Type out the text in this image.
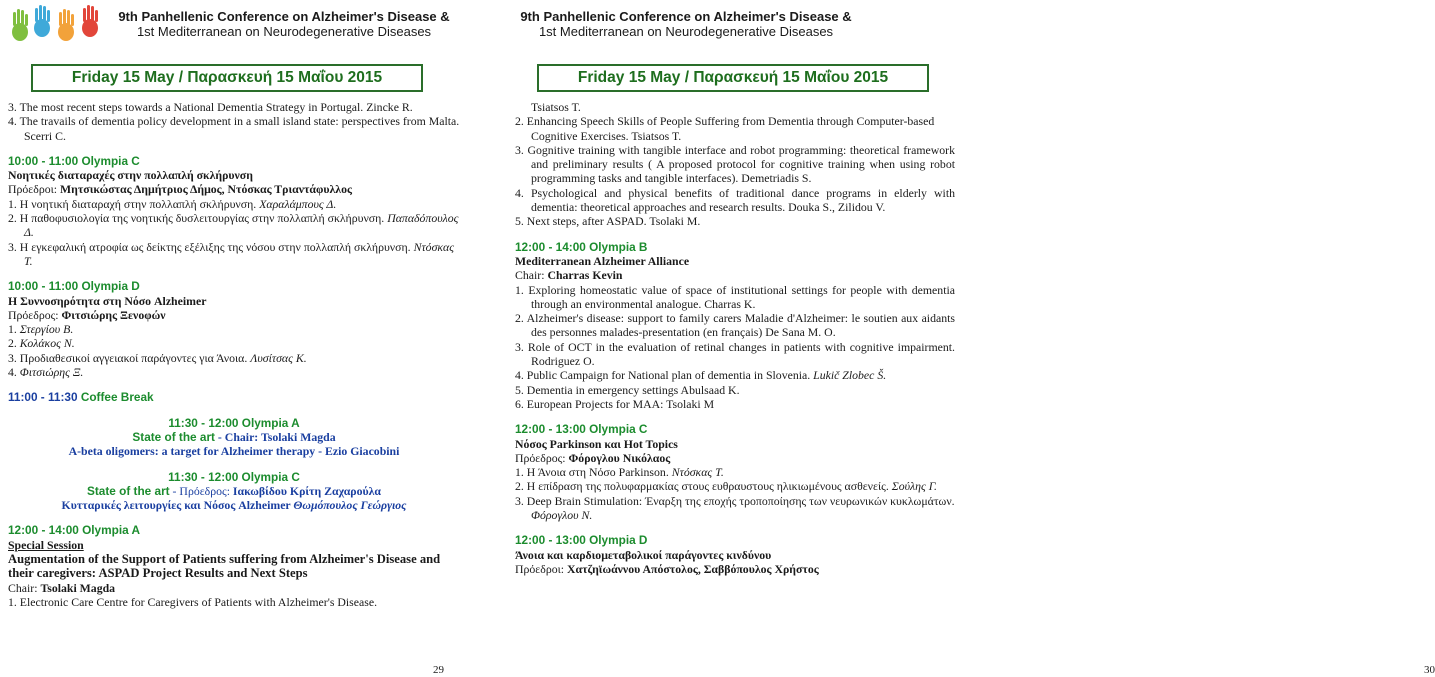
9th Panhellenic Conference on Alzheimer's Disease &
1st Mediterranean on Neurodegenerative Diseases
Friday 15 May / Παρασκευή 15 Μαΐου 2015
3. The most recent steps towards a National Dementia Strategy in Portugal. Zincke R.
4. The travails of dementia policy development in a small island state: perspectives from Malta. Scerri C.
10:00 - 11:00 Olympia C
Νοητικές διαταραχές στην πολλαπλή σκλήρυνση
Πρόεδροι: Μητσικώστας Δημήτριος Δήμος, Ντόσκας Τριαντάφυλλος
1. Η νοητική διαταραχή στην πολλαπλή σκλήρυνση. Χαραλάμπους Δ.
2. Η παθοφυσιολογία της νοητικής δυσλειτουργίας στην πολλαπλή σκλήρυνση. Παπαδόπουλος Δ.
3. Η εγκεφαλική ατροφία ως δείκτης εξέλιξης της νόσου στην πολλαπλή σκλήρυνση. Ντόσκας Τ.
10:00 - 11:00 Olympia D
Η Συννοσηρότητα στη Νόσο Alzheimer
Πρόεδρος: Φιτσιώρης Ξενοφών
1. Στεργίου Β.
2. Κολάκος Ν.
3. Προδιαθεσικοί αγγειακοί παράγοντες για Άνοια. Λυσίτσας Κ.
4. Φιτσιώρης Ξ.
11:00 - 11:30 Coffee Break
11:30 - 12:00 Olympia A
State of the art - Chair: Tsolaki Magda
A-beta oligomers: a target for Alzheimer therapy - Ezio Giacobini
11:30 - 12:00 Olympia C
State of the art - Πρόεδρος: Ιακωβίδου Κρίτη Ζαχαρούλα
Κυτταρικές λειτουργίες και Νόσος Alzheimer Θωμόπουλος Γεώργιος
12:00 - 14:00 Olympia A
Special Session
Augmentation of the Support of Patients suffering from Alzheimer's Disease and their caregivers: ASPAD Project Results and Next Steps
Chair: Tsolaki Magda
1. Electronic Care Centre for Caregivers of Patients with Alzheimer's Disease.
29
9th Panhellenic Conference on Alzheimer's Disease &
1st Mediterranean on Neurodegenerative Diseases
Friday 15 May / Παρασκευή 15 Μαΐου 2015
Tsiatsos T.
2. Enhancing Speech Skills of People Suffering from Dementia through Computer-based Cognitive Exercises. Tsiatsos T.
3. Gognitive training with tangible interface and robot programming: theoretical framework and preliminary results ( A proposed protocol for cognitive training when using robot programming tasks and tangible interfaces). Demetriadis S.
4. Psychological and physical benefits of traditional dance programs in elderly with dementia: theoretical approaches and research results. Douka S., Zilidou V.
5. Next steps, after ASPAD. Tsolaki M.
12:00 - 14:00 Olympia B
Mediterranean Alzheimer Alliance
Chair: Charras Kevin
1. Exploring homeostatic value of space of institutional settings for people with dementia through an environmental analogue. Charras K.
2. Alzheimer's disease: support to family carers Maladie d'Alzheimer: le soutien aux aidants des personnes malades-presentation (en français) De Sana M. O.
3. Role of OCT in the evaluation of retinal changes in patients with cognitive impairment. Rodriguez O.
4. Public Campaign for National plan of dementia in Slovenia. Lukič Zlobec Š.
5. Dementia in emergency settings Abulsaad K.
6. European Projects for MAA: Tsolaki M
12:00 - 13:00 Olympia C
Νόσος Parkinson και Hot Topics
Πρόεδρος: Φόρογλου Νικόλαος
1. Η Άνοια στη Νόσο Parkinson. Ντόσκας Τ.
2. Η επίδραση της πολυφαρμακίας στους ευθραυστους ηλικιωμένους ασθενείς. Σούλης Γ.
3. Deep Brain Stimulation: Έναρξη της εποχής τροποποίησης των νευρωνικών κυκλωμάτων. Φόρογλου Ν.
12:00 - 13:00 Olympia D
Άνοια και καρδιομεταβολικοί παράγοντες κινδύνου
Πρόεδροι: Χατζηϊωάννου Απόστολος, Σαββόπουλος Χρήστος
30
